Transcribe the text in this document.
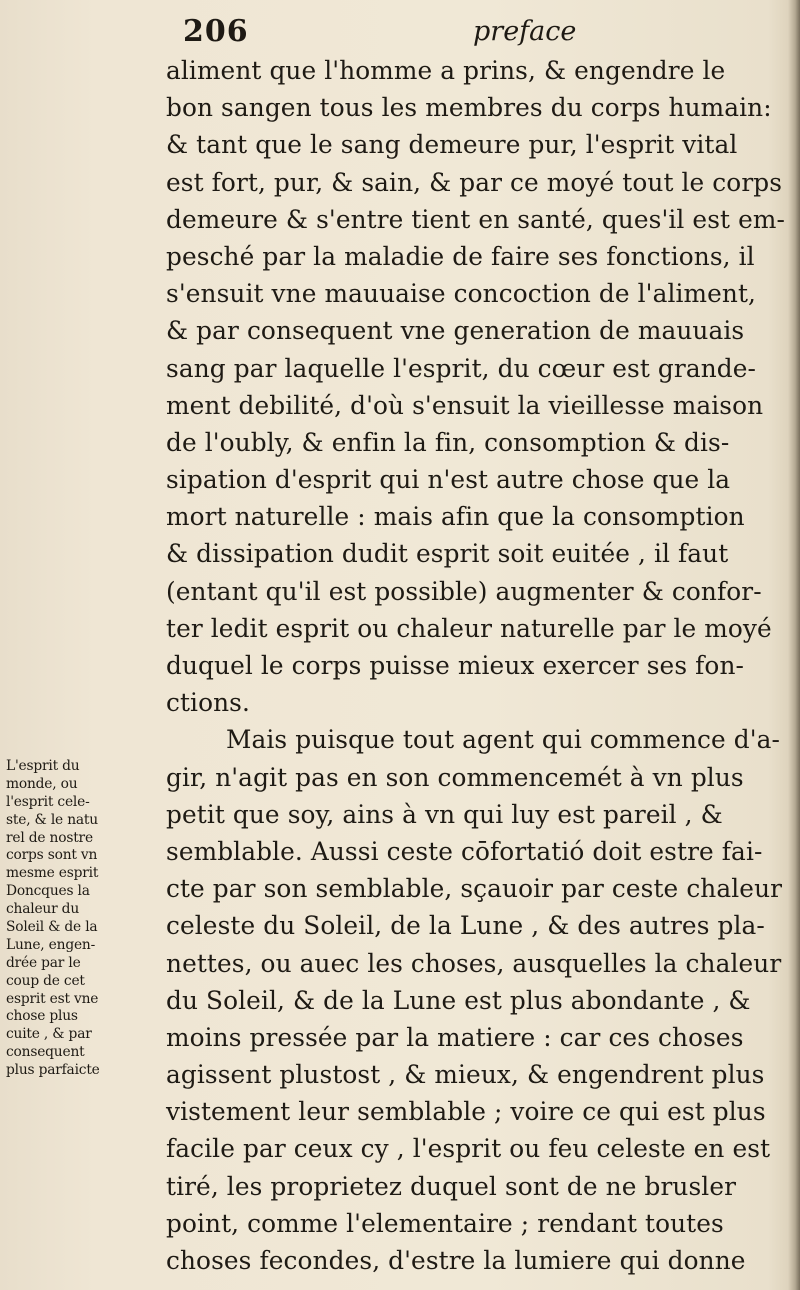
206	preface
aliment que l'homme a prins, & engendre le
bon sangen tous les membres du corps humain:
& tant que le sang demeure pur, l'esprit vital
est fort, pur, & sain, & par ce moyé tout le corps
demeure & s'entre tient en santé, ques'il est em-
pesché par la maladie de faire ses fonctions, il
s'ensuit vne mauuaise concoction de l'aliment,
& par consequent vne generation de mauuais
sang par laquelle l'esprit, du cœur est grande-
ment debilité, d'où s'ensuit la vieillesse maison
de l'oubly, & enfin la fin, consomption & dis-
sipation d'esprit qui n'est autre chose que la
mort naturelle : mais afin que la consomption
& dissipation dudit esprit soit euitée , il faut
(entant qu'il est possible) augmenter & confor-
ter ledit esprit ou chaleur naturelle par le moyé
duquel le corps puisse mieux exercer ses fon-
ctions.
Mais puisque tout agent qui commence d'a-
gir, n'agit pas en son commencemét à vn plus
petit que soy, ains à vn qui luy est pareil , &
semblable. Aussi ceste cōfortatió doit estre fai-
cte par son semblable, sçauoir par ceste chaleur
celeste du Soleil, de la Lune , & des autres pla-
nettes, ou auec les choses, ausquelles la chaleur
du Soleil, & de la Lune est plus abondante , &
moins pressée par la matiere : car ces choses
agissent plustost , & mieux, & engendrent plus
vistement leur semblable ; voire ce qui est plus
facile par ceux cy , l'esprit ou feu celeste en est
tiré, les proprietez duquel sont de ne brusler
point, comme l'elementaire ; rendant toutes
choses fecondes, d'estre la lumiere qui donne
L'esprit du
monde, ou
l'esprit cele-
ste, & le natu
rel de nostre
corps sont vn
mesme esprit
Doncques la
chaleur du
Soleil & de la
Lune, engen-
drée par le
coup de cet
esprit est vne
chose plus
cuite , & par
consequent
plus parfaicte
